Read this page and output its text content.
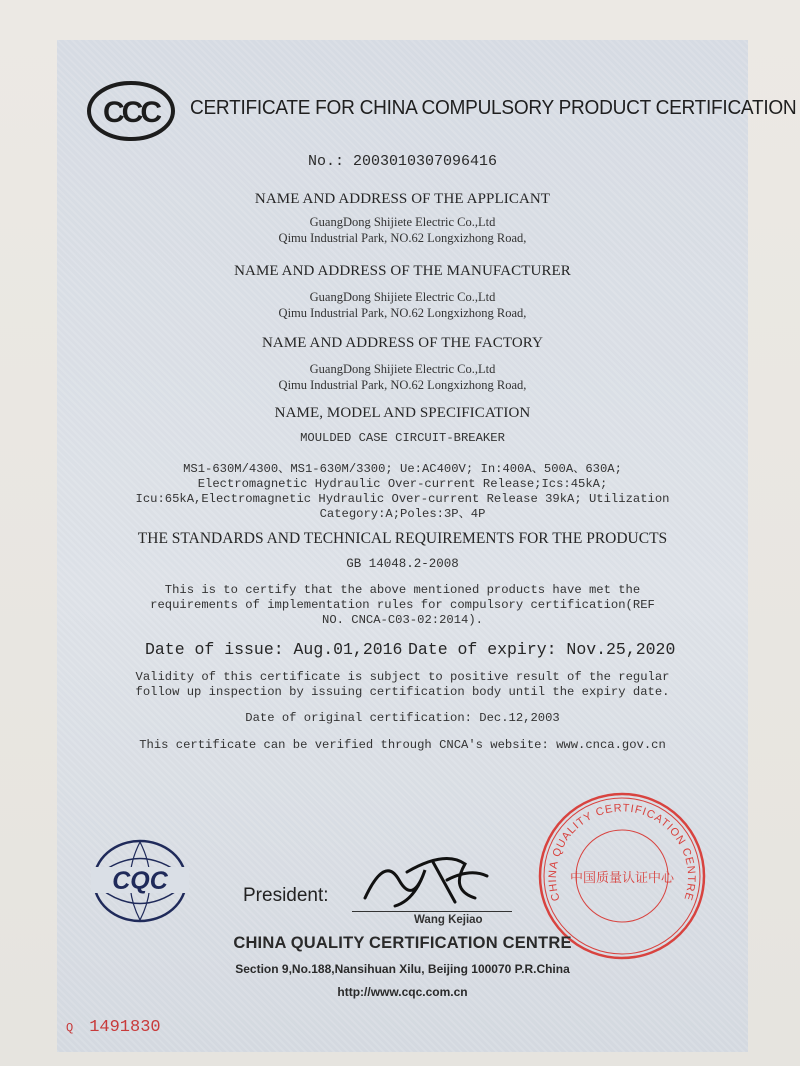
CCC CERTIFICATE FOR CHINA COMPULSORY PRODUCT CERTIFICATION
No.: 2003010307096416
NAME AND ADDRESS OF THE APPLICANT
GuangDong Shijiete Electric Co.,Ltd
Qimu Industrial Park, NO.62 Longxizhong Road,
NAME AND ADDRESS OF THE MANUFACTURER
GuangDong Shijiete Electric Co.,Ltd
Qimu Industrial Park, NO.62 Longxizhong Road,
NAME AND ADDRESS OF THE FACTORY
GuangDong Shijiete Electric Co.,Ltd
Qimu Industrial Park, NO.62 Longxizhong Road,
NAME, MODEL AND SPECIFICATION
MOULDED CASE CIRCUIT-BREAKER
MS1-630M/4300、MS1-630M/3300; Ue:AC400V; In:400A、500A、630A;
Electromagnetic Hydraulic Over-current Release;Ics:45kA;
Icu:65kA,Electromagnetic Hydraulic Over-current Release 39kA; Utilization
Category:A;Poles:3P、4P
THE STANDARDS AND TECHNICAL REQUIREMENTS FOR THE PRODUCTS
GB 14048.2-2008
This is to certify that the above mentioned products have met the
requirements of implementation rules for compulsory certification(REF
NO. CNCA-C03-02:2014).
Date of issue: Aug.01,2016 Date of expiry: Nov.25,2020
Validity of this certificate is subject to positive result of the regular
follow up inspection by issuing certification body until the expiry date.
Date of original certification: Dec.12,2003
This certificate can be verified through CNCA's website: www.cnca.gov.cn
CHINA QUALITY CERTIFICATION CENTRE
中国质量认证中心
CQC
President:
Wang Kejiao
CHINA QUALITY CERTIFICATION CENTRE
Section 9,No.188,Nansihuan Xilu, Beijing 100070 P.R.China
http://www.cqc.com.cn
Q 1491830
